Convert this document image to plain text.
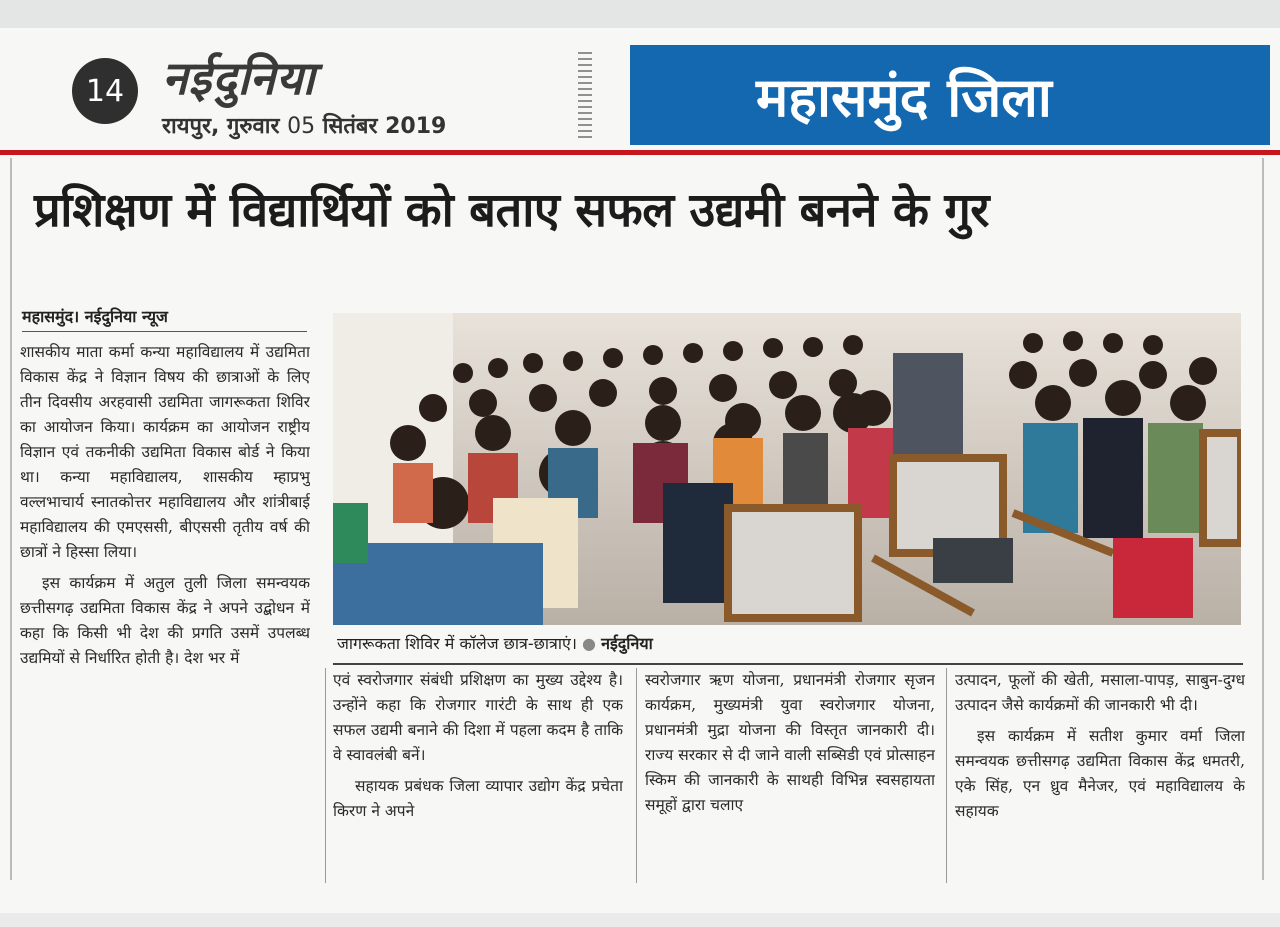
14 नईदुनिया
रायपुर, गुरुवार 05 सितंबर 2019	महासमुंद जिला
प्रशिक्षण में विद्यार्थियों को बताए सफल उद्यमी बनने के गुर
महासमुंद। नईदुनिया न्यूज

शासकीय माता कर्मा कन्या महाविद्यालय में उद्यमिता विकास केंद्र ने विज्ञान विषय की छात्राओं के लिए तीन दिवसीय अरहवासी उद्यमिता जागरूकता शिविर का आयोजन किया। कार्यक्रम का आयोजन राष्ट्रीय विज्ञान एवं तकनीकी उद्यमिता विकास बोर्ड ने किया था। कन्या महाविद्यालय, शासकीय म्हाप्रभु वल्लभाचार्य स्नातकोत्तर महाविद्यालय और शांत्रीबाई महाविद्यालय की एमएससी, बीएससी तृतीय वर्ष की छात्रों ने हिस्सा लिया।

इस कार्यक्रम में अतुल तुली जिला समन्वयक छत्तीसगढ़ उद्यमिता विकास केंद्र ने अपने उद्बोधन में कहा कि किसी भी देश की प्रगति उसमें उपलब्ध उद्यमियों से निर्धारित होती है। देश भर में

जागरूकता शिविर में कॉलेज छात्र-छात्राएं। ● नईदुनिया

एवं स्वरोजगार संबंधी प्रशिक्षण का मुख्य उद्देश्य है। उन्होंने कहा कि रोजगार गारंटी के साथ ही एक सफल उद्यमी बनाने की दिशा में पहला कदम है ताकि वे स्वावलंबी बनें।

सहायक प्रबंधक जिला व्यापार उद्योग केंद्र प्रचेता किरण ने अपने

स्वरोजगार ऋण योजना, प्रधानमंत्री रोजगार सृजन कार्यक्रम, मुख्यमंत्री युवा स्वरोजगार योजना, प्रधानमंत्री मुद्रा योजना की विस्तृत जानकारी दी। राज्य सरकार से दी जाने वाली सब्सिडी एवं प्रोत्साहन स्किम की जानकारी के साथही विभिन्न स्वसहायता समूहों द्वारा चलाए

उत्पादन, फूलों की खेती, मसाला-पापड़, साबुन-दुग्ध उत्पादन जैसे कार्यक्रमों की जानकारी भी दी।

इस कार्यक्रम में सतीश कुमार वर्मा जिला समन्वयक छत्तीसगढ़ उद्यमिता विकास केंद्र धमतरी, एके सिंह, एन ध्रुव मैनेजर, एवं महाविद्यालय के सहायक
